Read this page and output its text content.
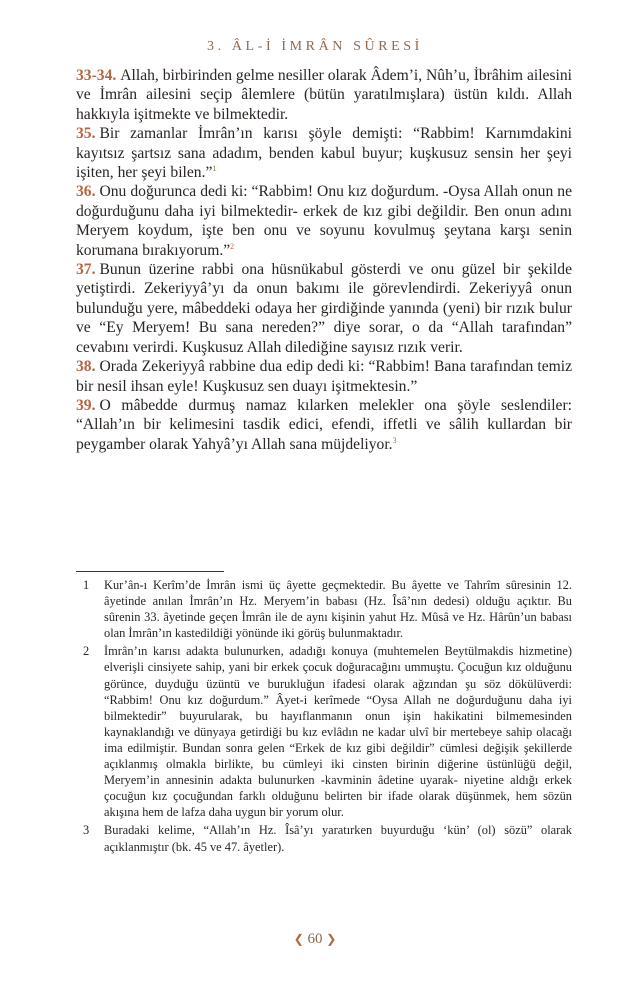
3. ÂL-İ İMRÂN SÛRESİ

33-34. Allah, birbirinden gelme nesiller olarak Âdem’i, Nûh’u, İbrâhim ailesini ve İmrân ailesini seçip âlemlere (bütün yaratılmışlara) üstün kıldı. Allah hakkıyla işitmekte ve bilmektedir.

35. Bir zamanlar İmrân’ın karısı şöyle demişti: “Rabbim! Karnımdakini kayıtsız şartsız sana adadım, benden kabul buyur; kuşkusuz sensin her şeyi işiten, her şeyi bilen.”$^1$

36. Onu doğurunca dedi ki: “Rabbim! Onu kız doğurdum. -Oysa Allah onun ne doğurduğunu daha iyi bilmektedir- erkek de kız gibi değildir. Ben onun adını Meryem koydum, işte ben onu ve soyunu kovulmuş şeytana karşı senin korumana bırakıyorum.”$^2$

37. Bunun üzerine rabbi ona hüsnükabul gösterdi ve onu güzel bir şekilde yetiştirdi. Zekeriyyâ’yı da onun bakımı ile görevlendirdi. Zekeriyyâ onun bulunduğu yere, mâbeddeki odaya her girdiğinde yanında (yeni) bir rızık bulur ve “Ey Meryem! Bu sana nereden?” diye sorar, o da “Allah tarafından” cevabını verirdi. Kuşkusuz Allah dilediğine sayısız rızık verir.

38. Orada Zekeriyyâ rabbine dua edip dedi ki: “Rabbim! Bana tarafından temiz bir nesil ihsan eyle! Kuşkusuz sen duayı işitmektesin.”

39. O mâbedde durmuş namaz kılarken melekler ona şöyle seslendiler: “Allah’ın bir kelimesini tasdik edici, efendi, iffetli ve sâlih kullardan bir peygamber olarak Yahyâ’yı Allah sana müjdeliyor.$^3$

1	Kur’ân-ı Kerîm’de İmrân ismi üç âyette geçmektedir. Bu âyette ve Tahrîm sûresinin 12. âyetinde anılan İmrân’ın Hz. Meryem’in babası (Hz. Îsâ’nın dedesi) olduğu açıktır. Bu sûrenin 33. âyetinde geçen İmrân ile de aynı kişinin yahut Hz. Mûsâ ve Hz. Hârûn’un babası olan İmrân’ın kastedildiği yönünde iki görüş bulunmaktadır.
2	İmrân’ın karısı adakta bulunurken, adadığı konuya (muhtemelen Beytülmakdis hizmetine) elverişli cinsiyete sahip, yani bir erkek çocuk doğuracağını ummuştu. Çocuğun kız olduğunu görünce, duyduğu üzüntü ve burukluğun ifadesi olarak ağzından şu söz dökülüverdi: “Rabbim! Onu kız doğurdum.” Âyet-i kerîmede “Oysa Allah ne doğurduğunu daha iyi bilmektedir” buyurularak, bu hayıflanmanın onun işin hakikatini bilmemesinden kaynaklandığı ve dünyaya getirdiği bu kız evlâdın ne kadar ulvî bir mertebeye sahip olacağı ima edilmiştir. Bundan sonra gelen “Erkek de kız gibi değildir” cümlesi değişik şekillerde açıklanmış olmakla birlikte, bu cümleyi iki cinsten birinin diğerine üstünlüğü değil, Meryem’in annesinin adakta bulunurken -kavminin âdetine uyarak- niyetine aldığı erkek çocuğun kız çocuğundan farklı olduğunu belirten bir ifade olarak düşünmek, hem sözün akışına hem de lafza daha uygun bir yorum olur.
3	Buradaki kelime, “Allah’ın Hz. Îsâ’yı yaratırken buyurduğu ‘kün’ (ol) sözü” olarak açıklanmıştır (bk. 45 ve 47. âyetler).
❮ 60 ❯
